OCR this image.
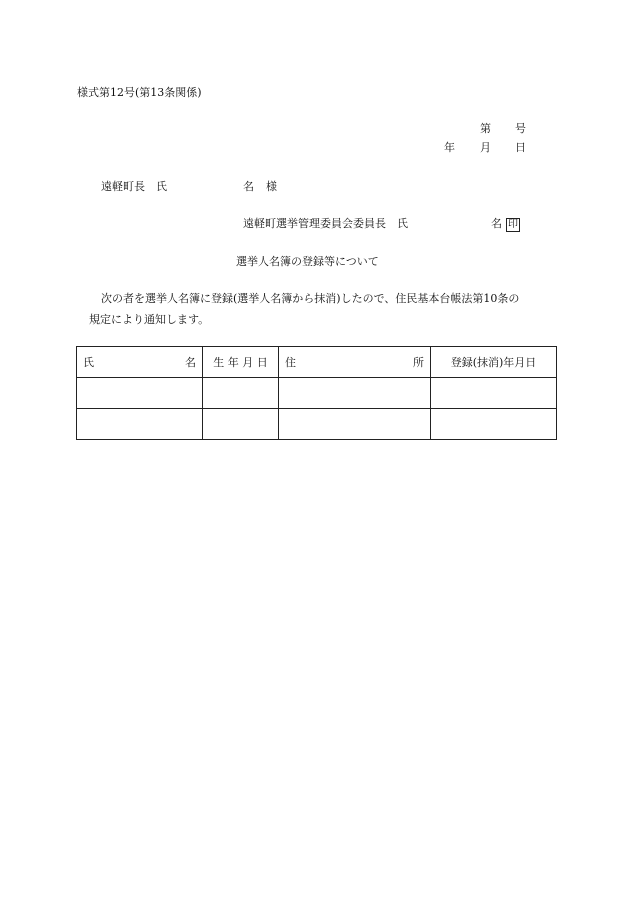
様式第12号(第13条関係)
第 号
年 月 日
遠軽町長　氏	名 様
遠軽町選挙管理委員会委員長　氏	名 印
選挙人名簿の登録等について
次の者を選挙人名簿に登録(選挙人名簿から抹消)したので、住民基本台帳法第10条の
規定により通知します。
氏 名	生 年 月 日	住 所	登録(抹消)年月日
